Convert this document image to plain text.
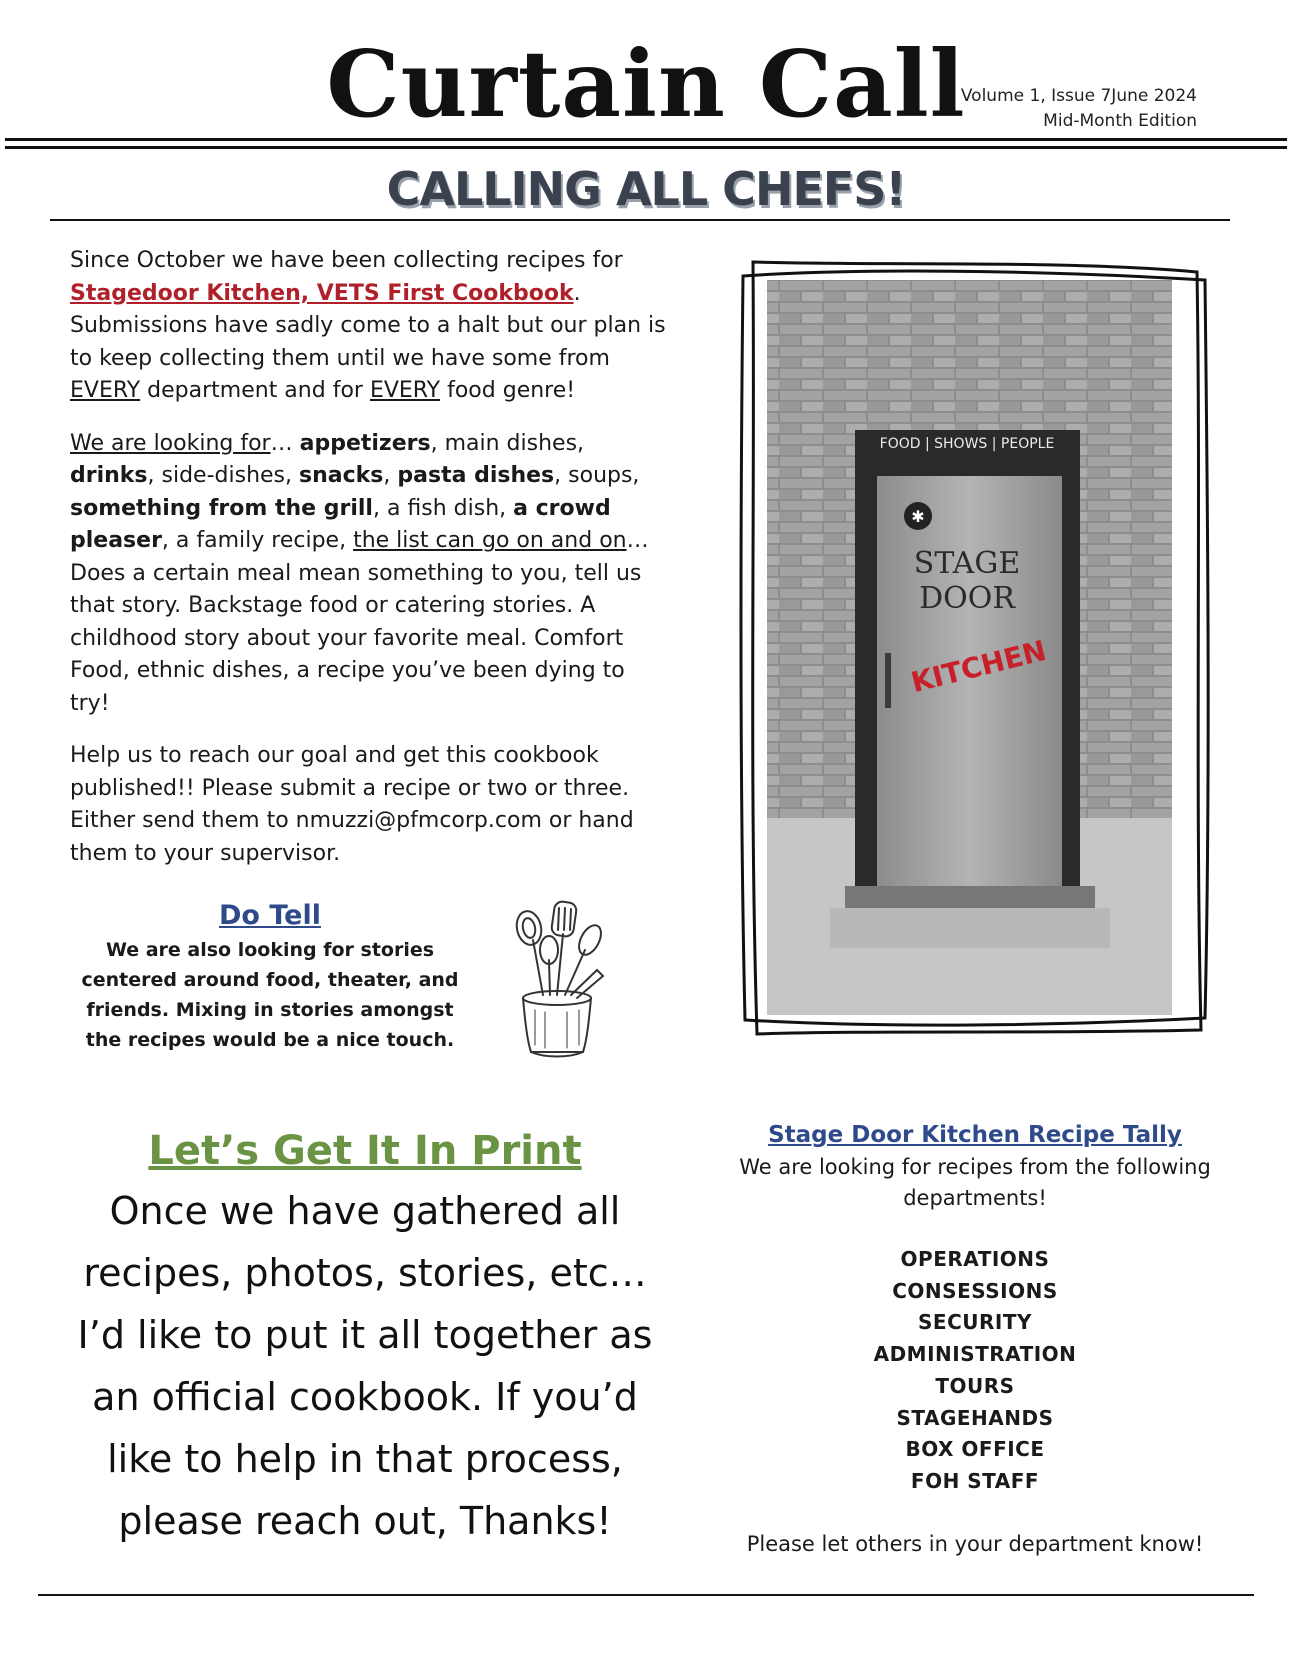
Curtain Call
Volume 1, Issue 7June 2024
Mid-Month Edition
CALLING ALL CHEFS!

Since October we have been collecting recipes for Stagedoor Kitchen, VETS First Cookbook. Submissions have sadly come to a halt but our plan is to keep collecting them until we have some from EVERY department and for EVERY food genre!

We are looking for… appetizers, main dishes, drinks, side-dishes, snacks, pasta dishes, soups, something from the grill, a fish dish, a crowd pleaser, a family recipe, the list can go on and on… Does a certain meal mean something to you, tell us that story. Backstage food or catering stories. A childhood story about your favorite meal. Comfort Food, ethnic dishes, a recipe you’ve been dying to try!

Help us to reach our goal and get this cookbook published!! Please submit a recipe or two or three. Either send them to nmuzzi@pfmcorp.com or hand them to your supervisor.

Do Tell
We are also looking for stories centered around food, theater, and friends. Mixing in stories amongst the recipes would be a nice touch.
✱
FOOD | SHOWS | PEOPLE
STAGE
DOOR
KITCHEN
Let’s Get It In Print
Once we have gathered all recipes, photos, stories, etc… I’d like to put it all together as an official cookbook. If you’d like to help in that process, please reach out, Thanks!
Stage Door Kitchen Recipe Tally
We are looking for recipes from the following departments!
OPERATIONS
CONSESSIONS
SECURITY
ADMINISTRATION
TOURS
STAGEHANDS
BOX OFFICE
FOH STAFF
Please let others in your department know!
